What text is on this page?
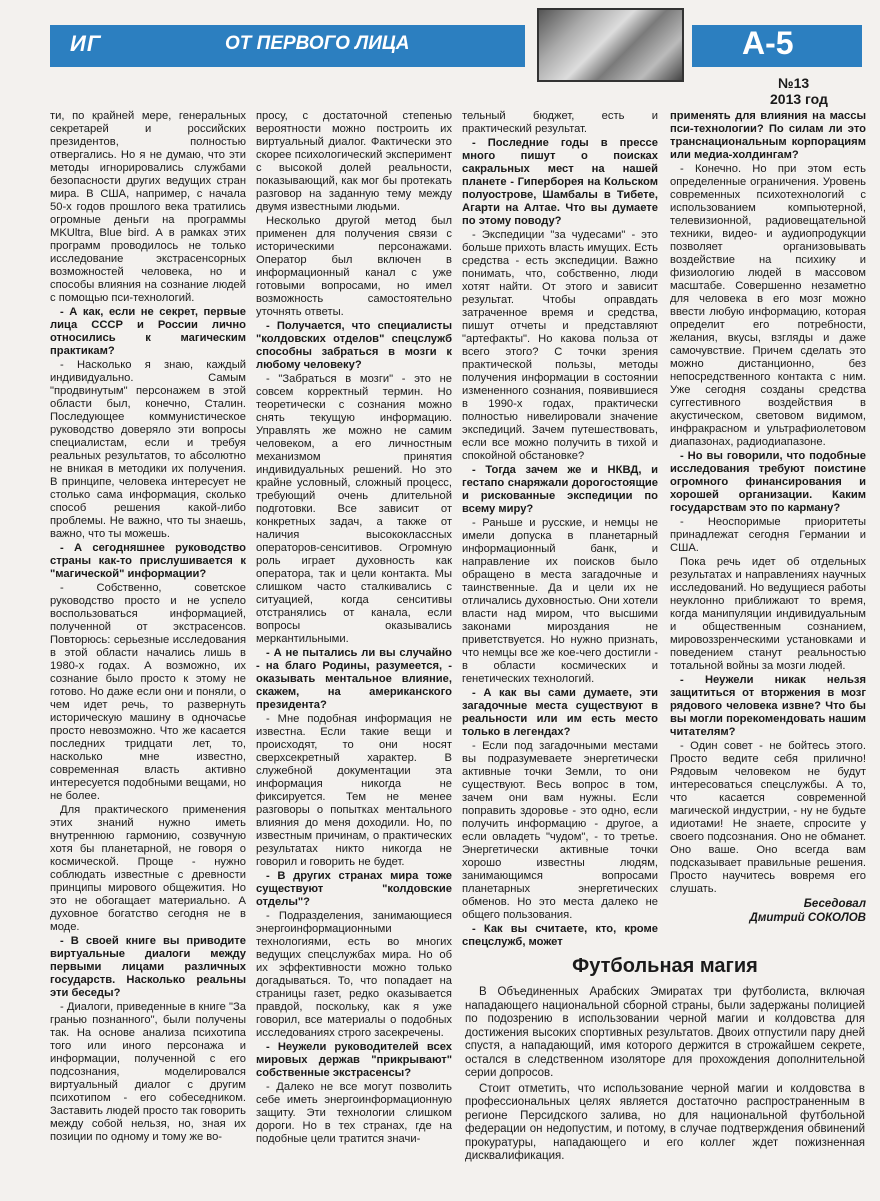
ИГ	ОТ ПЕРВОГО ЛИЦА	А-5
№13
2013 год

ти, по крайней мере, генеральных секретарей и российских президентов, полностью отвергались. Но я не думаю, что эти методы игнорировались службами безопасности других ведущих стран мира. В США, например, с начала 50-х годов прошлого века тратились огромные деньги на программы MKUltra, Blue bird. А в рамках этих программ проводилось не только исследование экстрасенсорных возможностей человека, но и способы влияния на сознание людей с помощью пси-технологий.

- А как, если не секрет, первые лица СССР и России лично относились к магическим практикам?

- Насколько я знаю, каждый индивидуально. Самым "продвинутым" персонажем в этой области был, конечно, Сталин. Последующее коммунистическое руководство доверяло эти вопросы специалистам, если и требуя реальных результатов, то абсолютно не вникая в методики их получения. В принципе, человека интересует не столько сама информация, сколько способ решения какой-либо проблемы. Не важно, что ты знаешь, важно, что ты можешь.

- А сегодняшнее руководство страны как-то прислушивается к "магической" информации?

- Собственно, советское руководство просто и не успело воспользоваться информацией, полученной от экстрасенсов. Повторюсь: серьезные исследования в этой области начались лишь в 1980-х годах. А возможно, их сознание было просто к этому не готово. Но даже если они и поняли, о чем идет речь, то развернуть историческую машину в одночасье просто невозможно. Что же касается последних тридцати лет, то, насколько мне известно, современная власть активно интересуется подобными вещами, но не более.

Для практического применения этих знаний нужно иметь внутреннюю гармонию, созвучную хотя бы планетарной, не говоря о космической. Проще - нужно соблюдать известные с древности принципы мирового общежития. Но это не обогащает материально. А духовное богатство сегодня не в моде.

- В своей книге вы приводите виртуальные диалоги между первыми лицами различных государств. Насколько реальны эти беседы?

- Диалоги, приведенные в книге "За гранью познанного", были получены так. На основе анализа психотипа того или иного персонажа и информации, полученной с его подсознания, моделировался виртуальный диалог с другим психотипом - его собеседником. Заставить людей просто так говорить между собой нельзя, но, зная их позиции по одному и тому же во-

просу, с достаточной степенью вероятности можно построить их виртуальный диалог. Фактически это скорее психологический эксперимент с высокой долей реальности, показывающий, как мог бы протекать разговор на заданную тему между двумя известными людьми.

Несколько другой метод был применен для получения связи с историческими персонажами. Оператор был включен в информационный канал с уже готовыми вопросами, но имел возможность самостоятельно уточнять ответы.

- Получается, что специалисты "колдовских отделов" спецслужб способны забраться в мозги к любому человеку?

- "Забраться в мозги" - это не совсем корректный термин. Но теоретически с сознания можно снять текущую информацию. Управлять же можно не самим человеком, а его личностным механизмом принятия индивидуальных решений. Но это крайне условный, сложный процесс, требующий очень длительной подготовки. Все зависит от конкретных задач, а также от наличия высококлассных операторов-сенситивов. Огромную роль играет духовность как оператора, так и цели контакта. Мы слишком часто сталкивались с ситуацией, когда сенситивы отстранялись от канала, если вопросы оказывались меркантильными.

- А не пытались ли вы случайно - на благо Родины, разумеется, - оказывать ментальное влияние, скажем, на американского президента?

- Мне подобная информация не известна. Если такие вещи и происходят, то они носят сверхсекретный характер. В служебной документации эта информация никогда не фиксируется. Тем не менее разговоры о попытках ментального влияния до меня доходили. Но, по известным причинам, о практических результатах никто никогда не говорил и говорить не будет.

- В других странах мира тоже существуют "колдовские отделы"?

- Подразделения, занимающиеся энергоинформационными технологиями, есть во многих ведущих спецслужбах мира. Но об их эффективности можно только догадываться. То, что попадает на страницы газет, редко оказывается правдой, поскольку, как я уже говорил, все материалы о подобных исследованиях строго засекречены.

- Неужели руководителей всех мировых держав "прикрывают" собственные экстрасенсы?

- Далеко не все могут позволить себе иметь энергоинформационную защиту. Эти технологии слишком дороги. Но в тех странах, где на подобные цели тратится значи-

тельный бюджет, есть и практический результат.

- Последние годы в прессе много пишут о поисках сакральных мест на нашей планете - Гиперборея на Кольском полуострове, Шамбалы в Тибете, Агарти на Алтае. Что вы думаете по этому поводу?

- Экспедиции "за чудесами" - это больше прихоть власть имущих. Есть средства - есть экспедиции. Важно понимать, что, собственно, люди хотят найти. От этого и зависит результат. Чтобы оправдать затраченное время и средства, пишут отчеты и представляют "артефакты". Но какова польза от всего этого? С точки зрения практической пользы, методы получения информации в состоянии измененного сознания, появившиеся в 1990-х годах, практически полностью нивелировали значение экспедиций. Зачем путешествовать, если все можно получить в тихой и спокойной обстановке?

- Тогда зачем же и НКВД, и гестапо снаряжали дорогостоящие и рискованные экспедиции по всему миру?

- Раньше и русские, и немцы не имели допуска в планетарный информационный банк, и направление их поисков было обращено в места загадочные и таинственные. Да и цели их не отличались духовностью. Они хотели власти над миром, что высшими законами мироздания не приветствуется. Но нужно признать, что немцы все же кое-чего достигли - в области космических и генетических технологий.

- А как вы сами думаете, эти загадочные места существуют в реальности или им есть место только в легендах?

- Если под загадочными местами вы подразумеваете энергетически активные точки Земли, то они существуют. Весь вопрос в том, зачем они вам нужны. Если поправить здоровье - это одно, если получить информацию - другое, а если овладеть "чудом", - то третье. Энергетически активные точки хорошо известны людям, занимающимся вопросами планетарных энергетических обменов. Но это места далеко не общего пользования.

- Как вы считаете, кто, кроме спецслужб, может

применять для влияния на массы пси-технологии? По силам ли это транснациональным корпорациям или медиа-холдингам?

- Конечно. Но при этом есть определенные ограничения. Уровень современных психотехнологий с использованием компьютерной, телевизионной, радиовещательной техники, видео- и аудиопродукции позволяет организовывать воздействие на психику и физиологию людей в массовом масштабе. Совершенно незаметно для человека в его мозг можно ввести любую информацию, которая определит его потребности, желания, вкусы, взгляды и даже самочувствие. Причем сделать это можно дистанционно, без непосредственного контакта с ним. Уже сегодня созданы средства суггестивного воздействия в акустическом, световом видимом, инфракрасном и ультрафиолетовом диапазонах, радиодиапазоне.

- Но вы говорили, что подобные исследования требуют поистине огромного финансирования и хорошей организации. Каким государствам это по карману?

- Неоспоримые приоритеты принадлежат сегодня Германии и США.

Пока речь идет об отдельных результатах и направлениях научных исследований. Но ведущиеся работы неуклонно приближают то время, когда манипуляции индивидуальным и общественным сознанием, мировоззренческими установками и поведением станут реальностью тотальной войны за мозги людей.

- Неужели никак нельзя защититься от вторжения в мозг рядового человека извне? Что бы вы могли порекомендовать нашим читателям?

- Один совет - не бойтесь этого. Просто ведите себя прилично! Рядовым человеком не будут интересоваться спецслужбы. А то, что касается современной магической индустрии, - ну не будьте идиотами! Не знаете, спросите у своего подсознания. Оно не обманет. Оно ваше. Оно всегда вам подсказывает правильные решения. Просто научитесь вовремя его слушать.

Беседовал
Дмитрий СОКОЛОВ
Футбольная магия

В Объединенных Арабских Эмиратах три футболиста, включая нападающего национальной сборной страны, были задержаны полицией по подозрению в использовании черной магии и колдовства для достижения высоких спортивных результатов. Двоих отпустили пару дней спустя, а нападающий, имя которого держится в строжайшем секрете, остался в следственном изоляторе для прохождения дополнительной серии допросов.

Стоит отметить, что использование черной магии и колдовства в профессиональных целях является достаточно распространенным в регионе Персидского залива, но для национальной футбольной федерации он недопустим, и потому, в случае подтверждения обвинений прокуратуры, нападающего и его коллег ждет пожизненная дисквалификация.
